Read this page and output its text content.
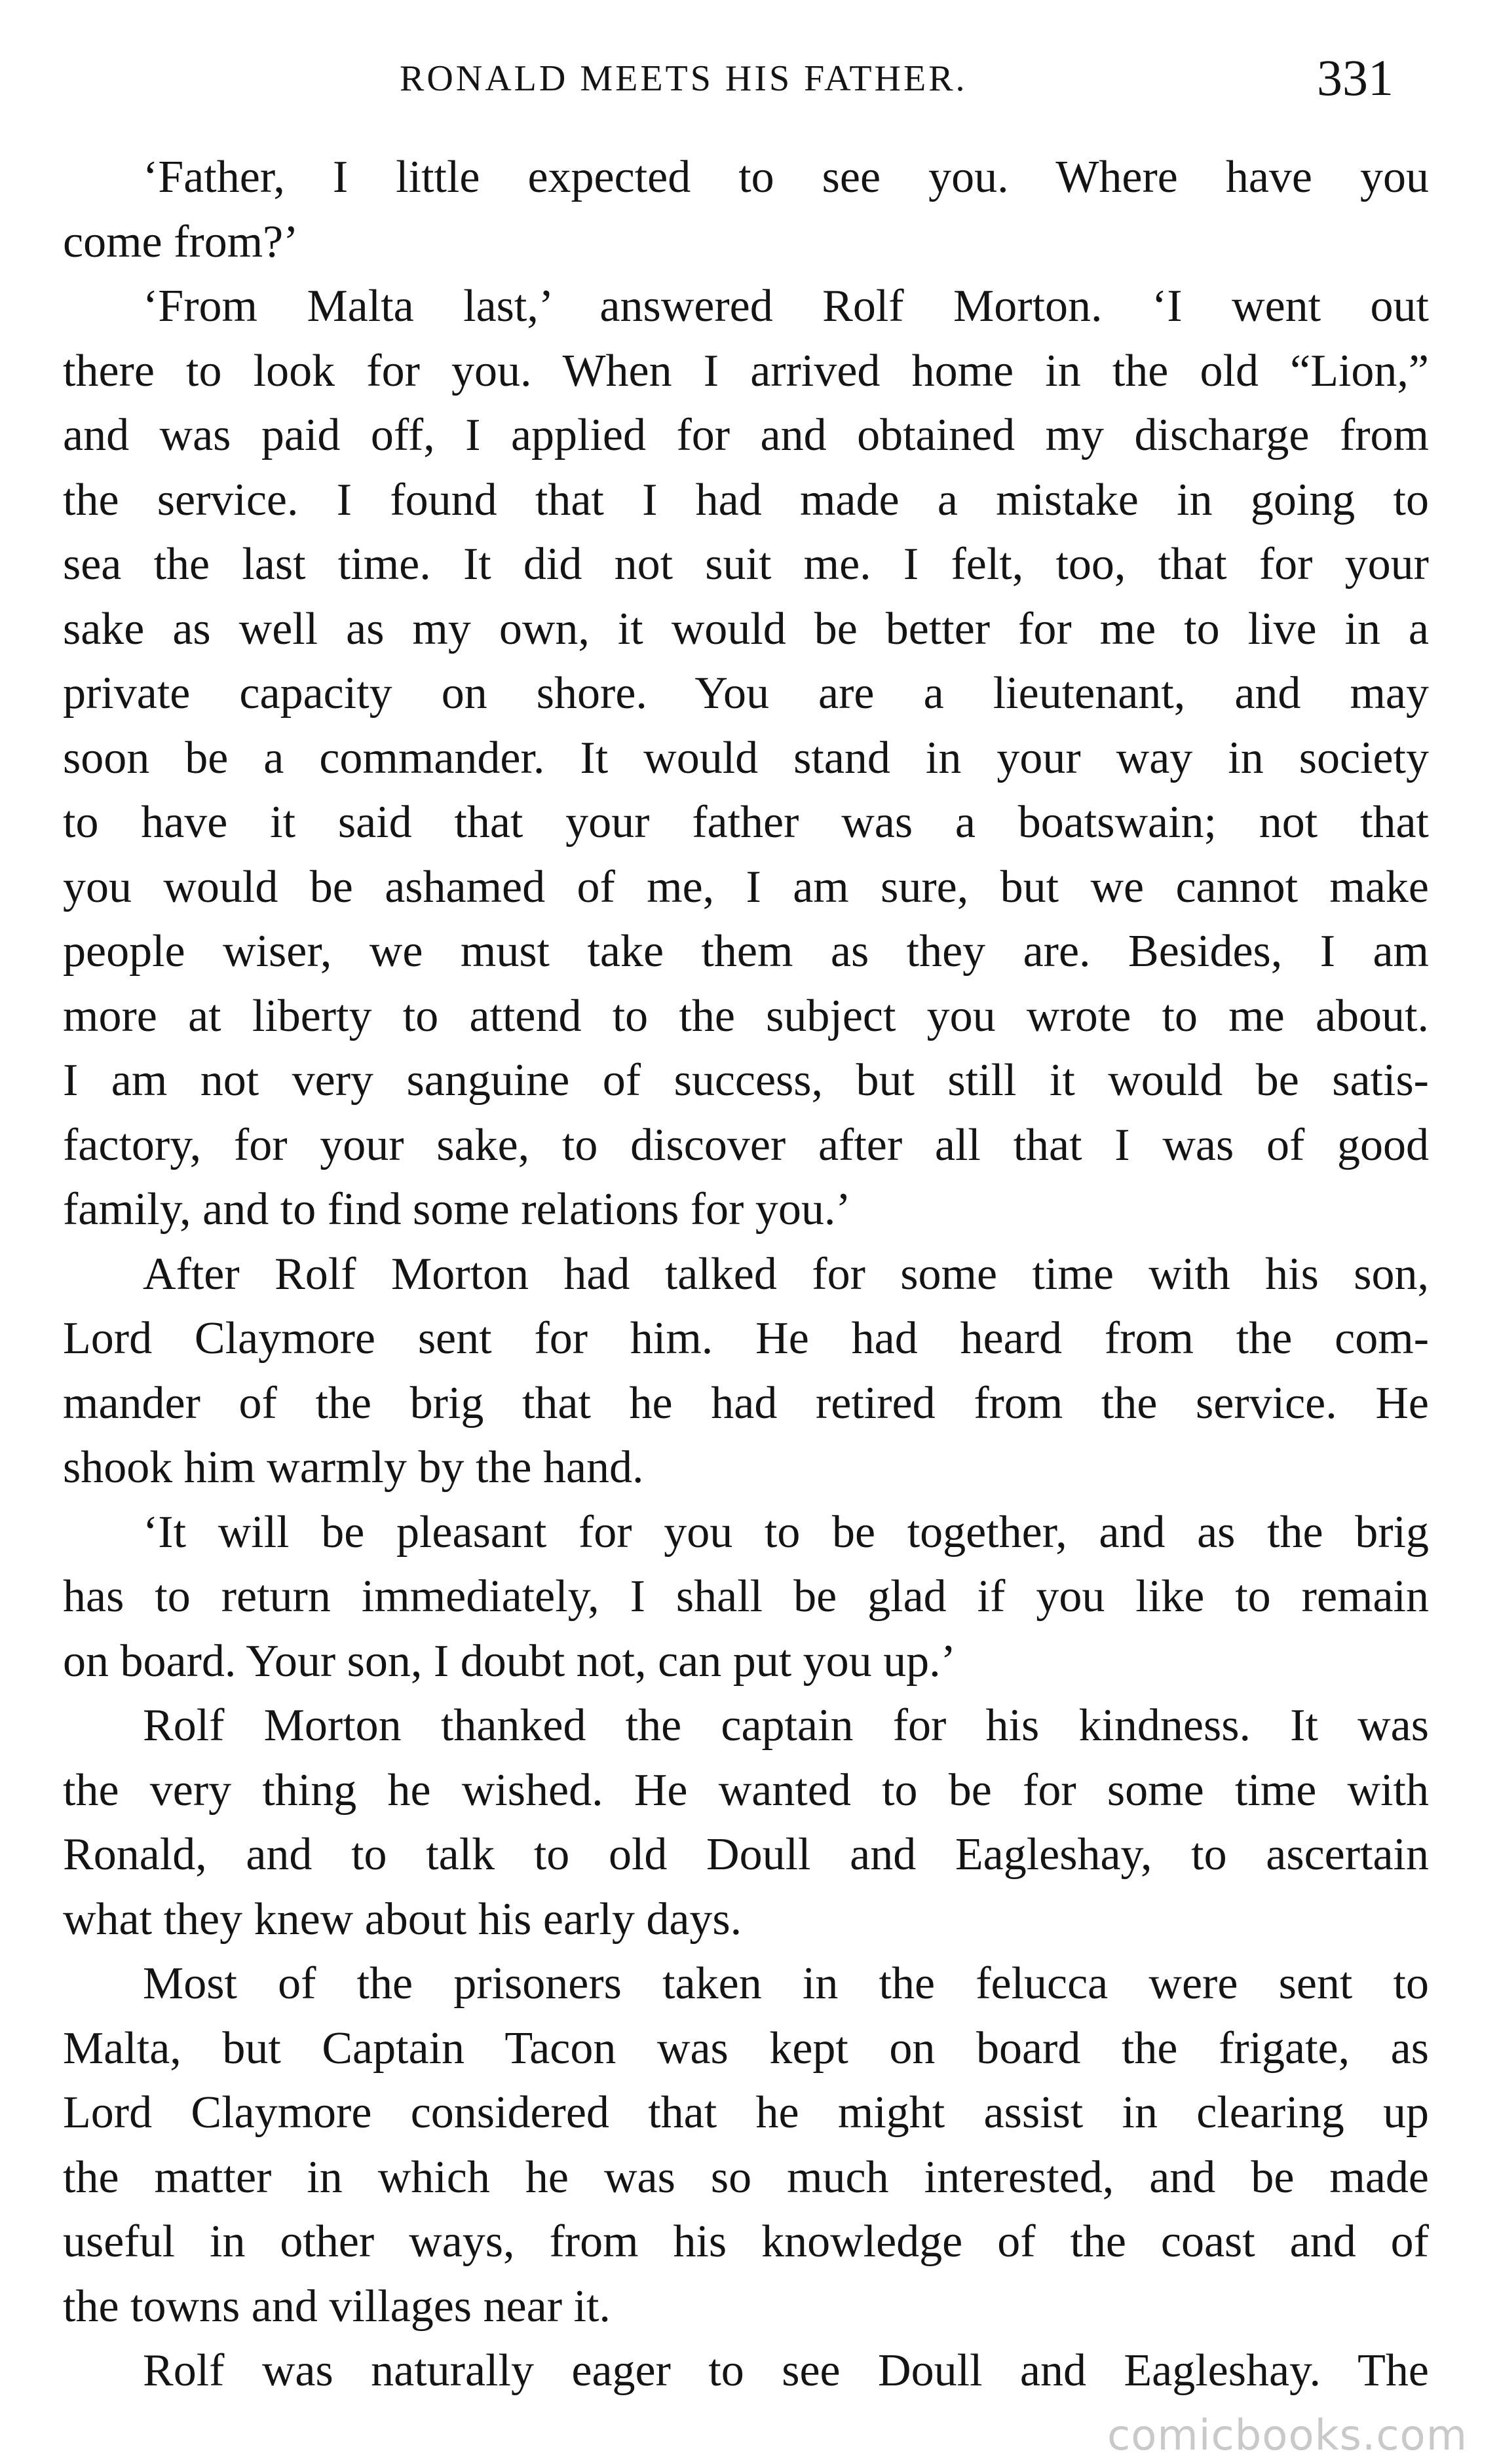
RONALD MEETS HIS FATHER.	331

‘Father, I little expected to see you. Where have you
come from?’

‘From Malta last,’ answered Rolf Morton. ‘I went out
there to look for you. When I arrived home in the old “Lion,”
and was paid off, I applied for and obtained my discharge from
the service. I found that I had made a mistake in going to
sea the last time. It did not suit me. I felt, too, that for your
sake as well as my own, it would be better for me to live in a
private capacity on shore. You are a lieutenant, and may
soon be a commander. It would stand in your way in society
to have it said that your father was a boatswain; not that
you would be ashamed of me, I am sure, but we cannot make
people wiser, we must take them as they are. Besides, I am
more at liberty to attend to the subject you wrote to me about.
I am not very sanguine of success, but still it would be satis-
factory, for your sake, to discover after all that I was of good
family, and to find some relations for you.’

After Rolf Morton had talked for some time with his son,
Lord Claymore sent for him. He had heard from the com-
mander of the brig that he had retired from the service. He
shook him warmly by the hand.

‘It will be pleasant for you to be together, and as the brig
has to return immediately, I shall be glad if you like to remain
on board. Your son, I doubt not, can put you up.’

Rolf Morton thanked the captain for his kindness. It was
the very thing he wished. He wanted to be for some time with
Ronald, and to talk to old Doull and Eagleshay, to ascertain
what they knew about his early days.

Most of the prisoners taken in the felucca were sent to
Malta, but Captain Tacon was kept on board the frigate, as
Lord Claymore considered that he might assist in clearing up
the matter in which he was so much interested, and be made
useful in other ways, from his knowledge of the coast and of
the towns and villages near it.

Rolf was naturally eager to see Doull and Eagleshay. The

comicbooks.com
